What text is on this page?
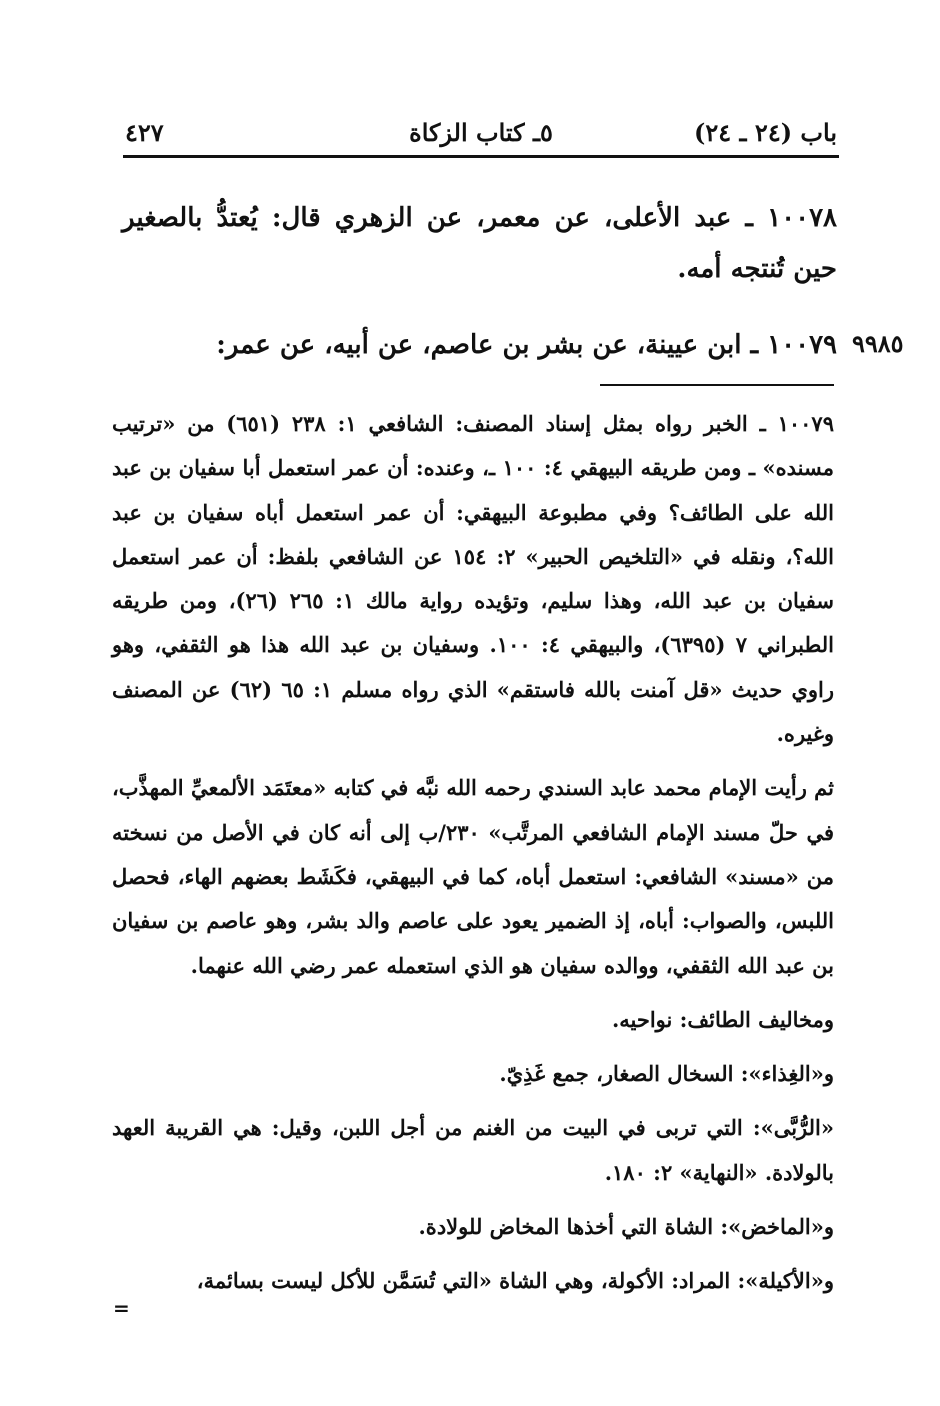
باب (٢٤ ـ ٢٤)
٥ـ كتاب الزكاة
٤٢٧
١٠٠٧٨ ـ عبد الأعلى، عن معمر، عن الزهري قال: يُعتدُّ بالصغير حين تُنتجه أمه.
٩٩٨٥
١٠٠٧٩ ـ ابن عيينة، عن بشر بن عاصم، عن أبيه، عن عمر:

١٠٠٧٩ ـ الخبر رواه بمثل إسناد المصنف: الشافعي ١: ٢٣٨ (٦٥١) من «ترتيب مسنده» ـ ومن طريقه البيهقي ٤: ١٠٠ ـ، وعنده: أن عمر استعمل أبا سفيان بن عبد الله على الطائف؟ وفي مطبوعة البيهقي: أن عمر استعمل أباه سفيان بن عبد الله؟، ونقله في «التلخيص الحبير» ٢: ١٥٤ عن الشافعي بلفظ: أن عمر استعمل سفيان بن عبد الله، وهذا سليم، وتؤيده رواية مالك ١: ٢٦٥ (٢٦)، ومن طريقه الطبراني ٧ (٦٣٩٥)، والبيهقي ٤: ١٠٠. وسفيان بن عبد الله هذا هو الثقفي، وهو راوي حديث «قل آمنت بالله فاستقم» الذي رواه مسلم ١: ٦٥ (٦٢) عن المصنف وغيره.

ثم رأيت الإمام محمد عابد السندي رحمه الله نبَّه في كتابه «معتَمَد الألمعيِّ المهذَّب، في حلّ مسند الإمام الشافعي المرتَّب» ٢٣٠/ب إلى أنه كان في الأصل من نسخته من «مسند» الشافعي: استعمل أباه، كما في البيهقي، فكَشَط بعضهم الهاء، فحصل اللبس، والصواب: أباه، إذ الضمير يعود على عاصم والد بشر، وهو عاصم بن سفيان بن عبد الله الثقفي، ووالده سفيان هو الذي استعمله عمر رضي الله عنهما.

ومخاليف الطائف: نواحيه.

و«الغِذاء»: السخال الصغار، جمع غَذِيّ.

«الرُّبَّى»: التي تربى في البيت من الغنم من أجل اللبن، وقيل: هي القريبة العهد بالولادة. «النهاية» ٢: ١٨٠.

و«الماخض»: الشاة التي أخذها المخاض للولادة.

و«الأكيلة»: المراد: الأكولة، وهي الشاة «التي تُسَمَّن للأكل ليست بسائمة،

=
